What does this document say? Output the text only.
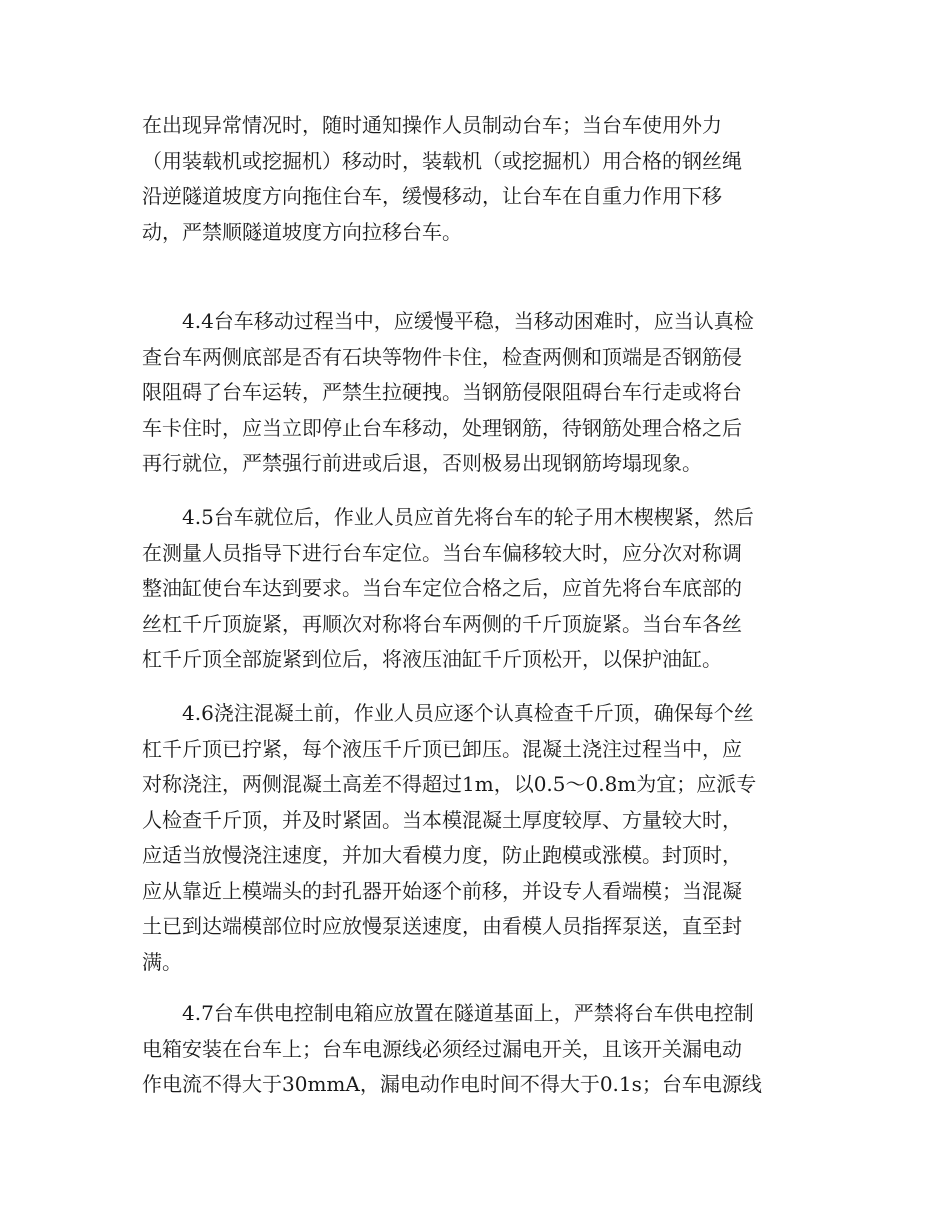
在出现异常情况时，随时通知操作人员制动台车；当台车使用外力
（用装载机或挖掘机）移动时，装载机（或挖掘机）用合格的钢丝绳
沿逆隧道坡度方向拖住台车，缓慢移动，让台车在自重力作用下移
动，严禁顺隧道坡度方向拉移台车。
4.4台车移动过程当中，应缓慢平稳，当移动困难时，应当认真检
查台车两侧底部是否有石块等物件卡住，检查两侧和顶端是否钢筋侵
限阻碍了台车运转，严禁生拉硬拽。当钢筋侵限阻碍台车行走或将台
车卡住时，应当立即停止台车移动，处理钢筋，待钢筋处理合格之后
再行就位，严禁强行前进或后退，否则极易出现钢筋垮塌现象。
4.5台车就位后，作业人员应首先将台车的轮子用木楔楔紧，然后
在测量人员指导下进行台车定位。当台车偏移较大时，应分次对称调
整油缸使台车达到要求。当台车定位合格之后，应首先将台车底部的
丝杠千斤顶旋紧，再顺次对称将台车两侧的千斤顶旋紧。当台车各丝
杠千斤顶全部旋紧到位后，将液压油缸千斤顶松开，以保护油缸。
4.6浇注混凝土前，作业人员应逐个认真检查千斤顶，确保每个丝
杠千斤顶已拧紧，每个液压千斤顶已卸压。混凝土浇注过程当中，应
对称浇注，两侧混凝土高差不得超过1m，以0.5～0.8m为宜；应派专
人检查千斤顶，并及时紧固。当本模混凝土厚度较厚、方量较大时，
应适当放慢浇注速度，并加大看模力度，防止跑模或涨模。封顶时，
应从靠近上模端头的封孔器开始逐个前移，并设专人看端模；当混凝
土已到达端模部位时应放慢泵送速度，由看模人员指挥泵送，直至封
满。
4.7台车供电控制电箱应放置在隧道基面上，严禁将台车供电控制
电箱安装在台车上；台车电源线必须经过漏电开关，且该开关漏电动
作电流不得大于30mmA，漏电动作电时间不得大于0.1s；台车电源线
